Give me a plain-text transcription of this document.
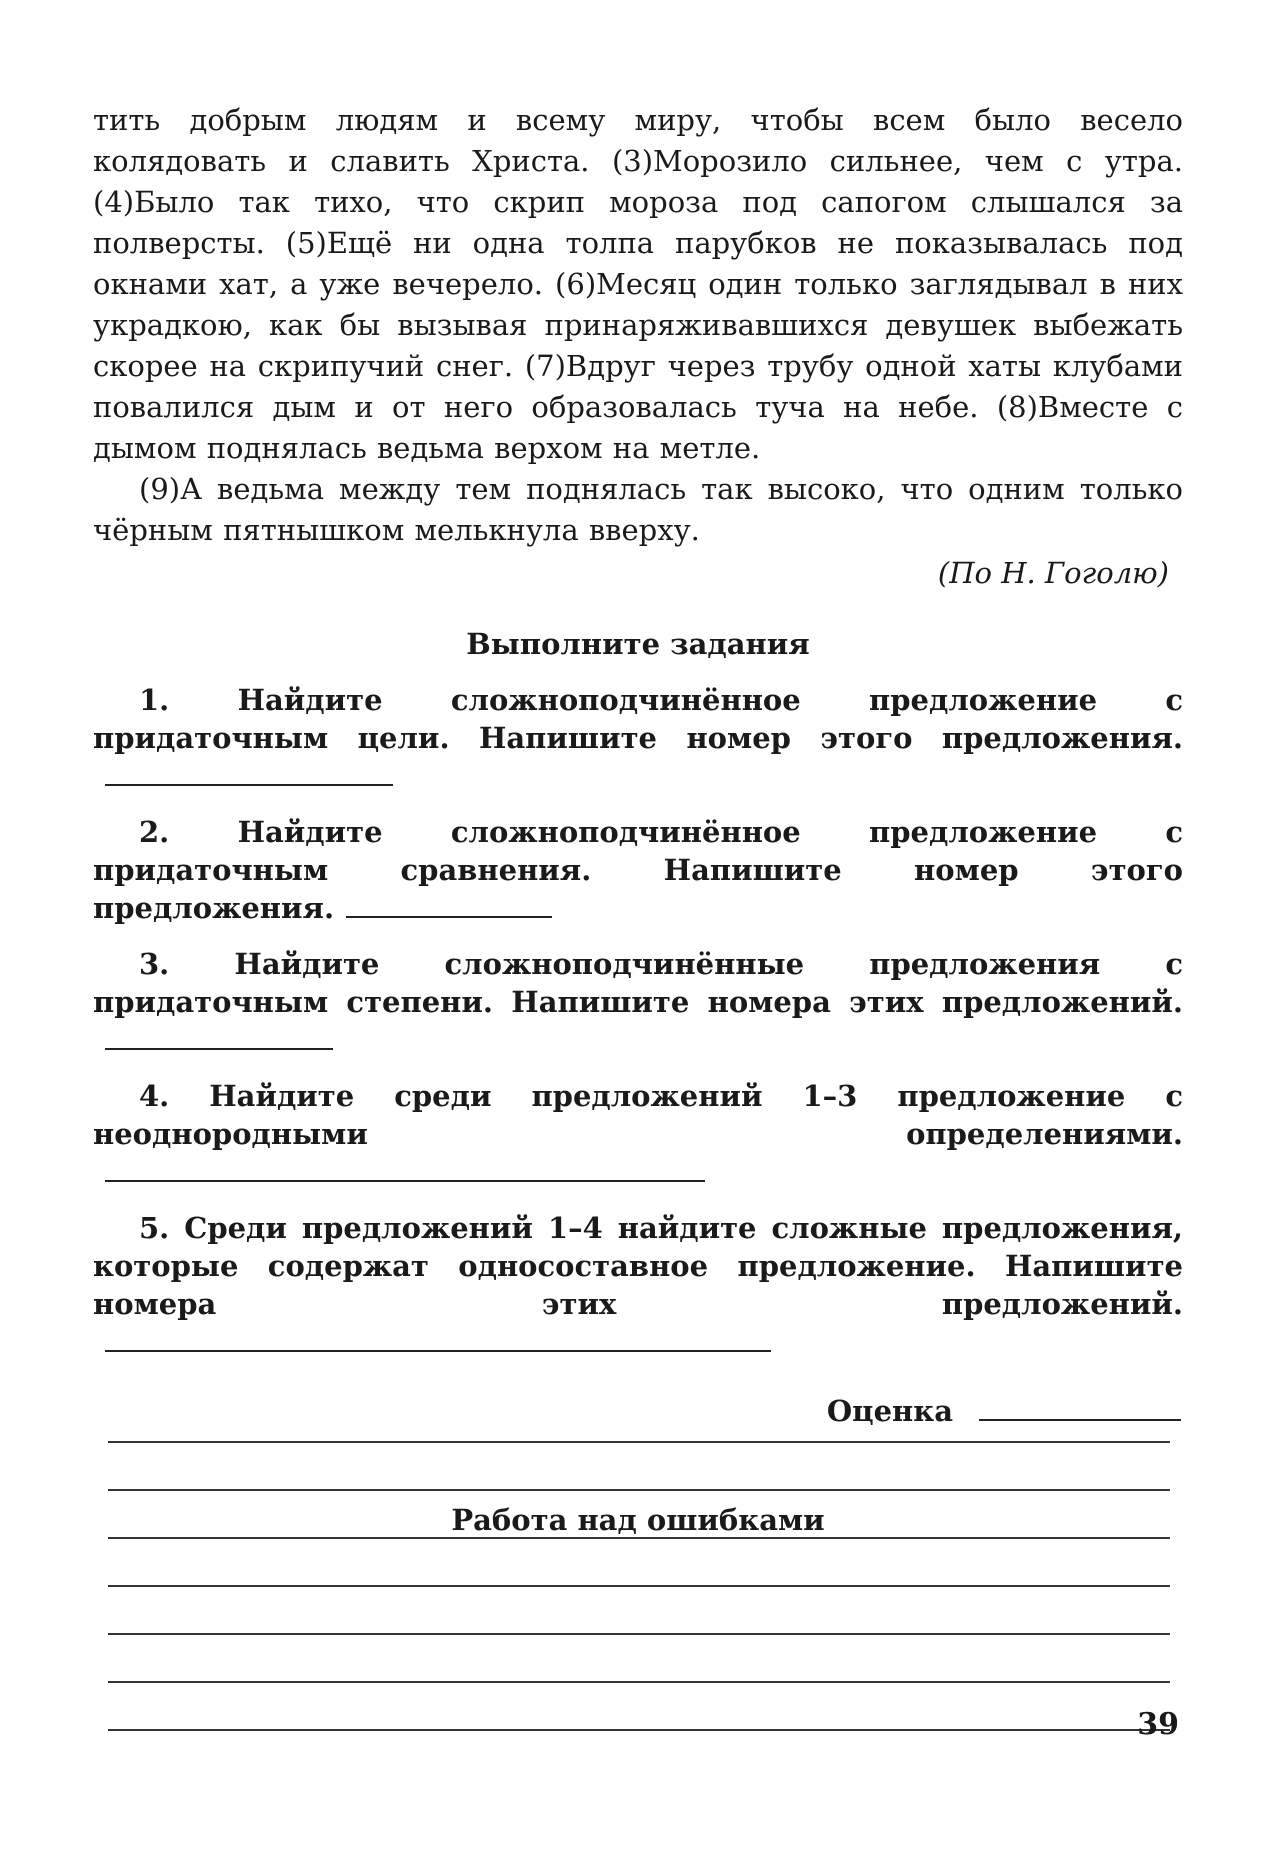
тить добрым людям и всему миру, чтобы всем было весело колядовать и славить Христа. (3)Морозило сильнее, чем с утра. (4)Было так тихо, что скрип мороза под сапогом слышался за полверсты. (5)Ещё ни одна толпа парубков не показывалась под окнами хат, а уже вечерело. (6)Месяц один только заглядывал в них украдкою, как бы вызывая принаряживавшихся девушек выбежать скорее на скрипучий снег. (7)Вдруг через трубу одной хаты клубами повалился дым и от него образовалась туча на небе. (8)Вместе с дымом поднялась ведьма верхом на метле.

(9)А ведьма между тем поднялась так высоко, что одним только чёрным пятнышком мелькнула вверху.

(По Н. Гоголю)
Выполните задания
1. Найдите сложноподчинённое предложение с придаточным цели. Напишите номер этого предложения.
2. Найдите сложноподчинённое предложение с придаточным сравнения. Напишите номер этого предложения.
3. Найдите сложноподчинённые предложения с придаточным степени. Напишите номера этих предложений.
4. Найдите среди предложений 1–3 предложение с неоднородными определениями.
5. Среди предложений 1–4 найдите сложные предложения, которые содержат односоставное предложение. Напишите номера этих предложений.
Оценка
Работа над ошибками
39
